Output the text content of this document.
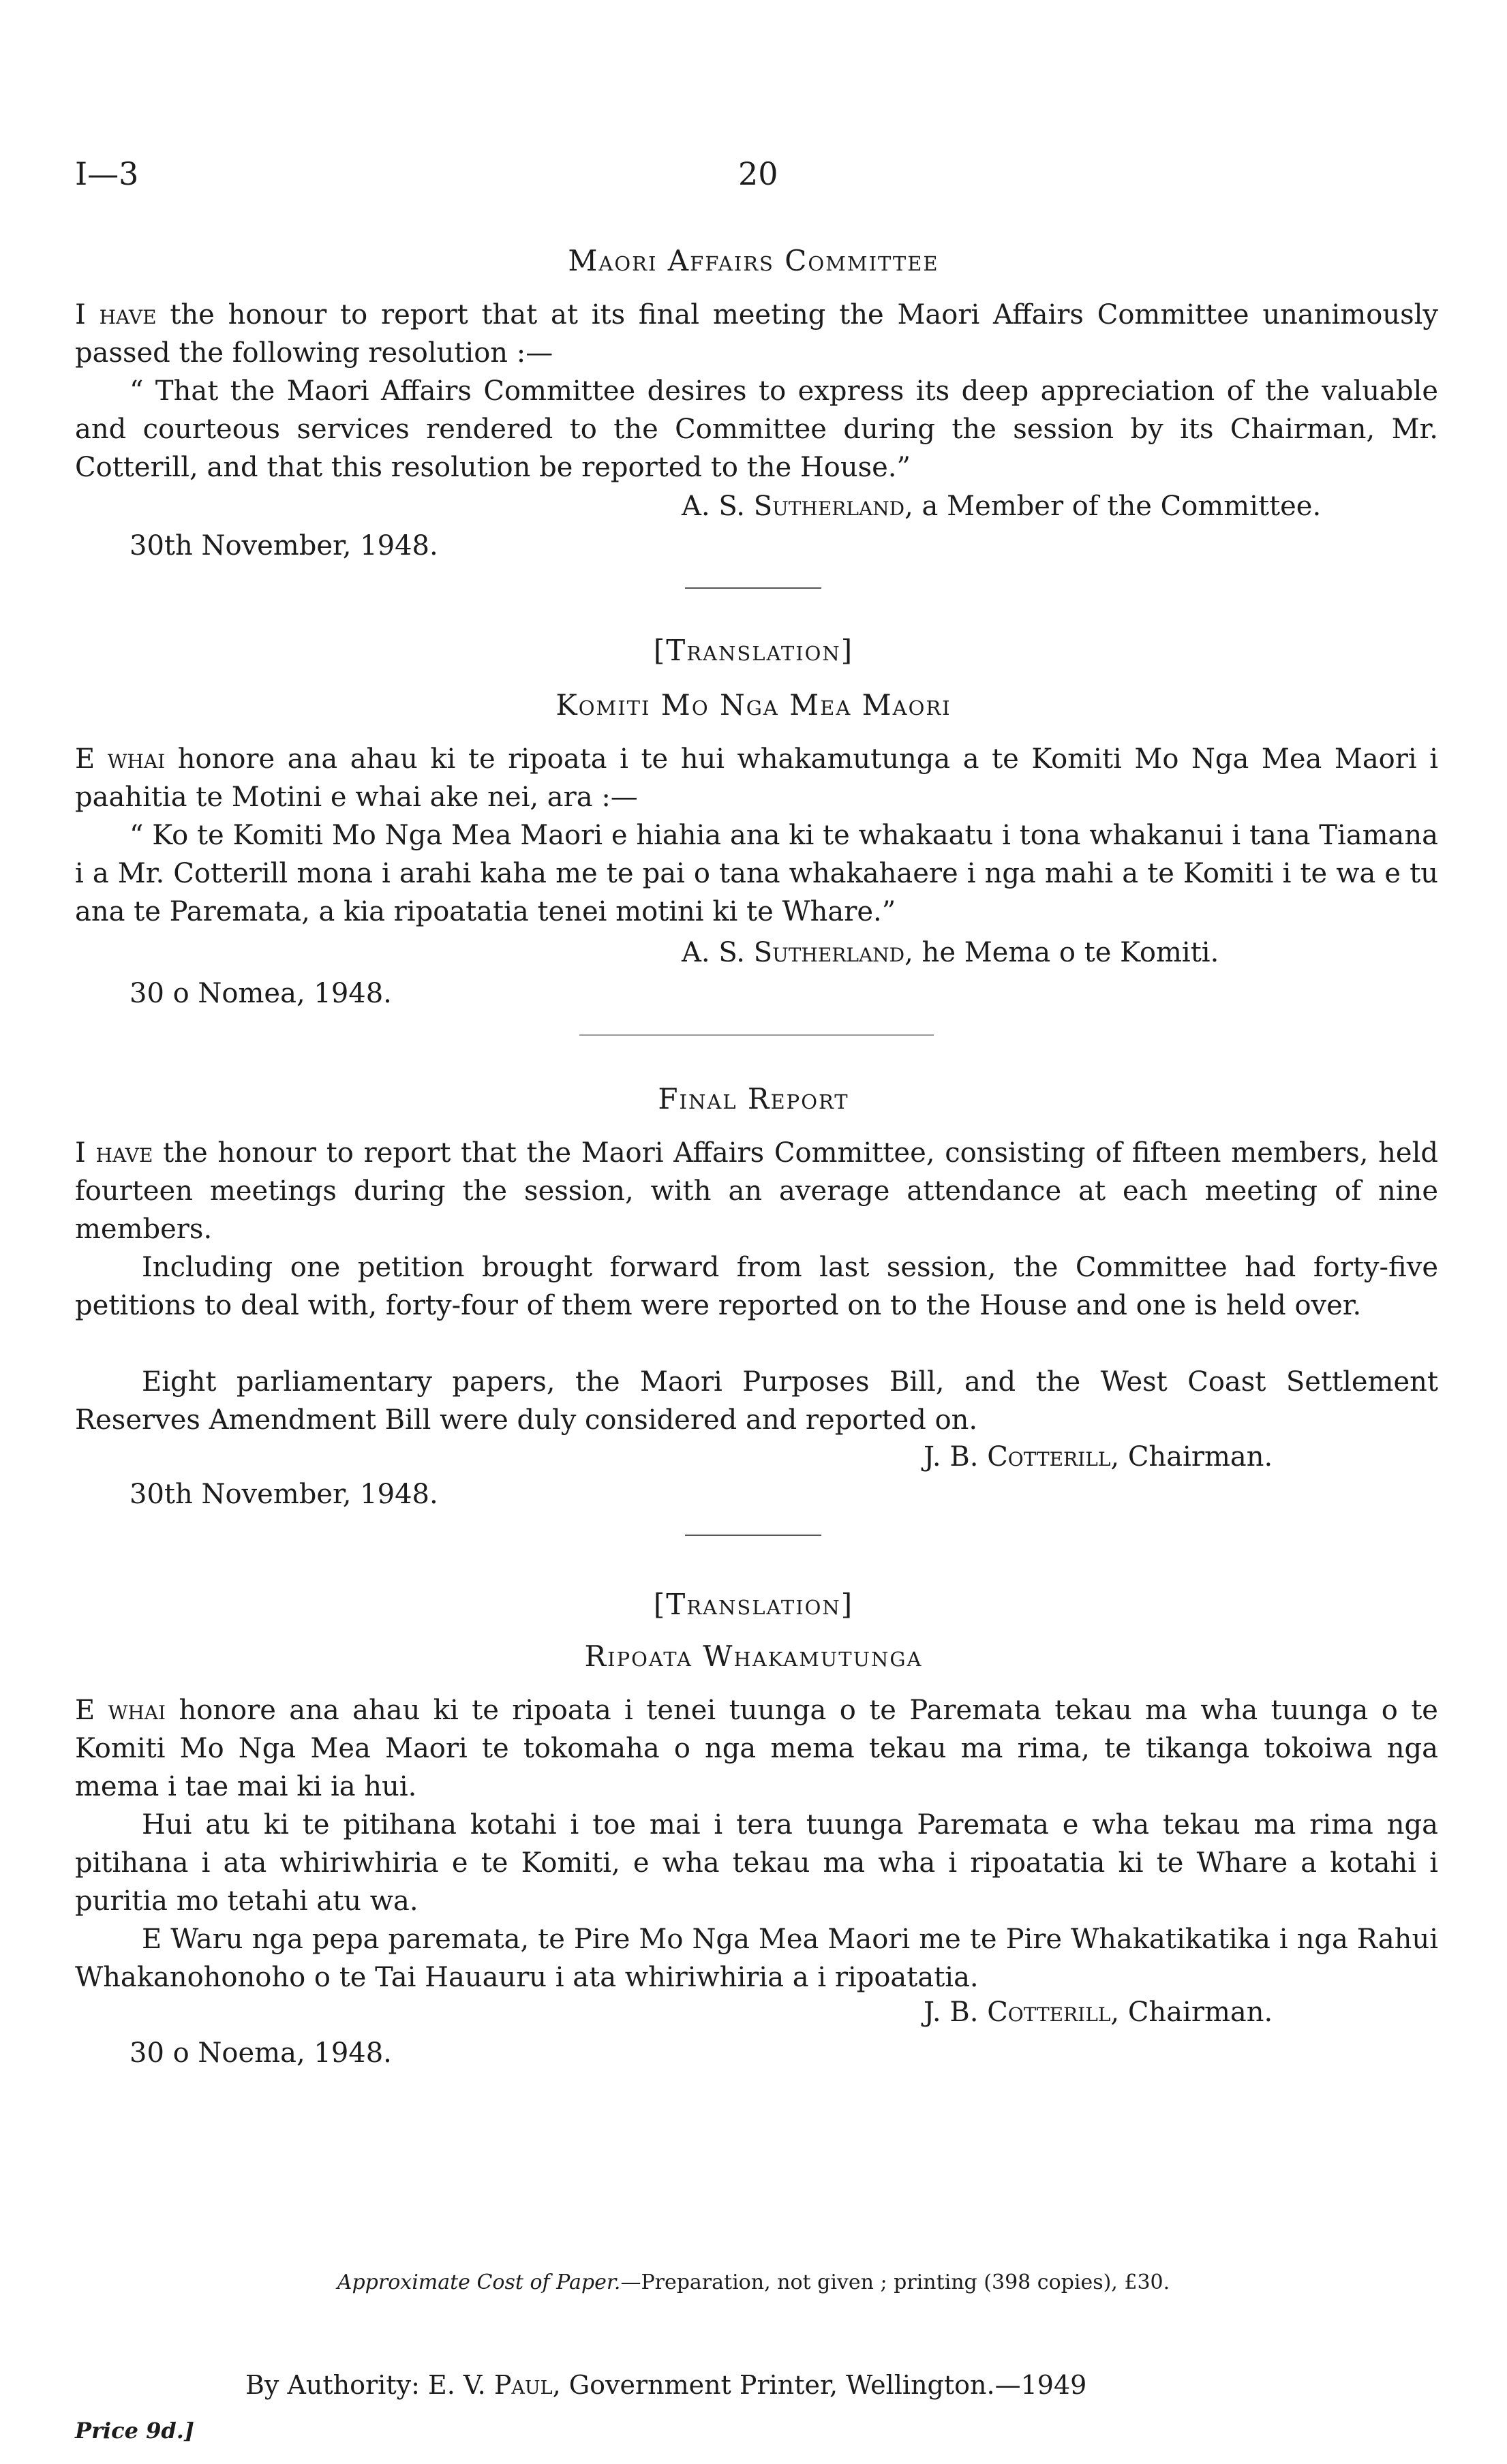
I—3	20
Maori Affairs Committee
I have the honour to report that at its final meeting the Maori Affairs Committee unanimously passed the following resolution :—
“ That the Maori Affairs Committee desires to express its deep appreciation of the valuable and courteous services rendered to the Committee during the session by its Chairman, Mr. Cotterill, and that this resolution be reported to the House.”
A. S. Sutherland, a Member of the Committee.
30th November, 1948.
[Translation]
Komiti Mo Nga Mea Maori
E whai honore ana ahau ki te ripoata i te hui whakamutunga a te Komiti Mo Nga Mea Maori i paahitia te Motini e whai ake nei, ara :—
“ Ko te Komiti Mo Nga Mea Maori e hiahia ana ki te whakaatu i tona whakanui i tana Tiamana i a Mr. Cotterill mona i arahi kaha me te pai o tana whakahaere i nga mahi a te Komiti i te wa e tu ana te Paremata, a kia ripoatatia tenei motini ki te Whare.”
A. S. Sutherland, he Mema o te Komiti.
30 o Nomea, 1948.
Final Report
I have the honour to report that the Maori Affairs Committee, consisting of fifteen members, held fourteen meetings during the session, with an average attendance at each meeting of nine members.
Including one petition brought forward from last session, the Committee had forty-five petitions to deal with, forty-four of them were reported on to the House and one is held over.
Eight parliamentary papers, the Maori Purposes Bill, and the West Coast Settlement Reserves Amendment Bill were duly considered and reported on.
J. B. Cotterill, Chairman.
30th November, 1948.
[Translation]
Ripoata Whakamutunga
E whai honore ana ahau ki te ripoata i tenei tuunga o te Paremata tekau ma wha tuunga o te Komiti Mo Nga Mea Maori te tokomaha o nga mema tekau ma rima, te tikanga tokoiwa nga mema i tae mai ki ia hui.
Hui atu ki te pitihana kotahi i toe mai i tera tuunga Paremata e wha tekau ma rima nga pitihana i ata whiriwhiria e te Komiti, e wha tekau ma wha i ripoatatia ki te Whare a kotahi i puritia mo tetahi atu wa.
E Waru nga pepa paremata, te Pire Mo Nga Mea Maori me te Pire Whakatikatika i nga Rahui Whakanohonoho o te Tai Hauauru i ata whiriwhiria a i ripoatatia.
J. B. Cotterill, Chairman.
30 o Noema, 1948.
Approximate Cost of Paper.—Preparation, not given ; printing (398 copies), £30.
By Authority: E. V. Paul, Government Printer, Wellington.—1949
Price 9d.]
